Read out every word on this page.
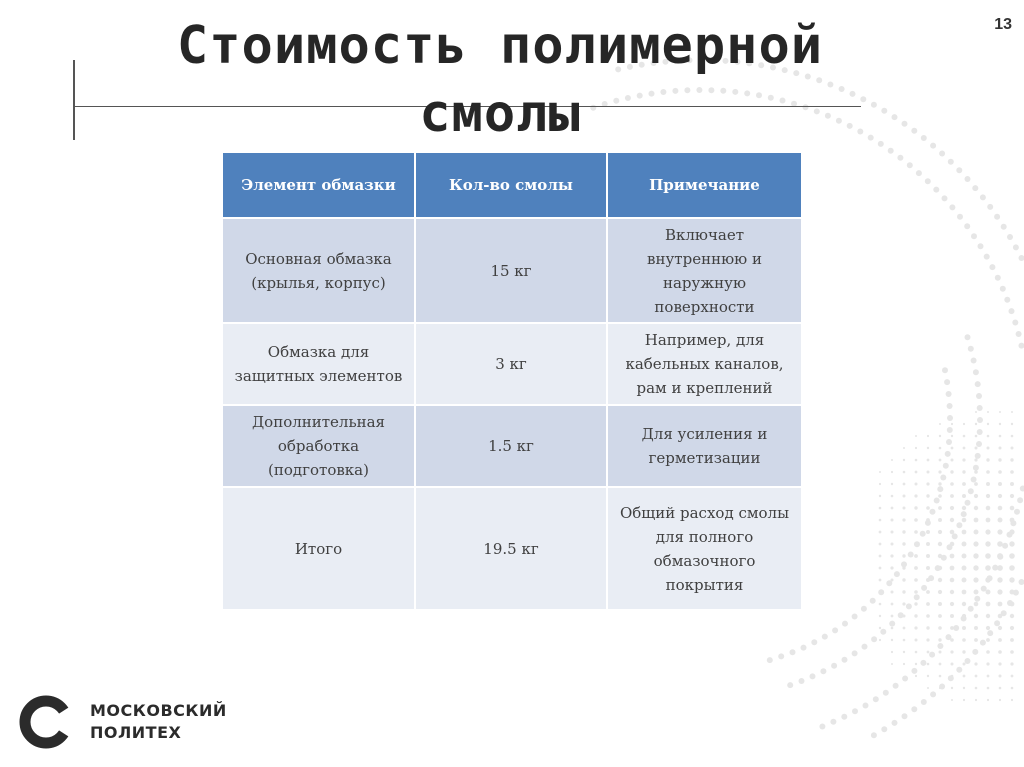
Стоимость полимерной смолы
13
Элемент обмазки	Кол-во смолы	Примечание
Основная обмазка (крылья, корпус)	15 кг	Включает внутреннюю и наружную поверхности
Обмазка для защитных элементов	3 кг	Например, для кабельных каналов, рам и креплений
Дополнительная обработка (подготовка)	1.5 кг	Для усиления и герметизации
Итого	19.5 кг	Общий расход смолы для полного обмазочного покрытия
МОСКОВСКИЙ
ПОЛИТЕХ
